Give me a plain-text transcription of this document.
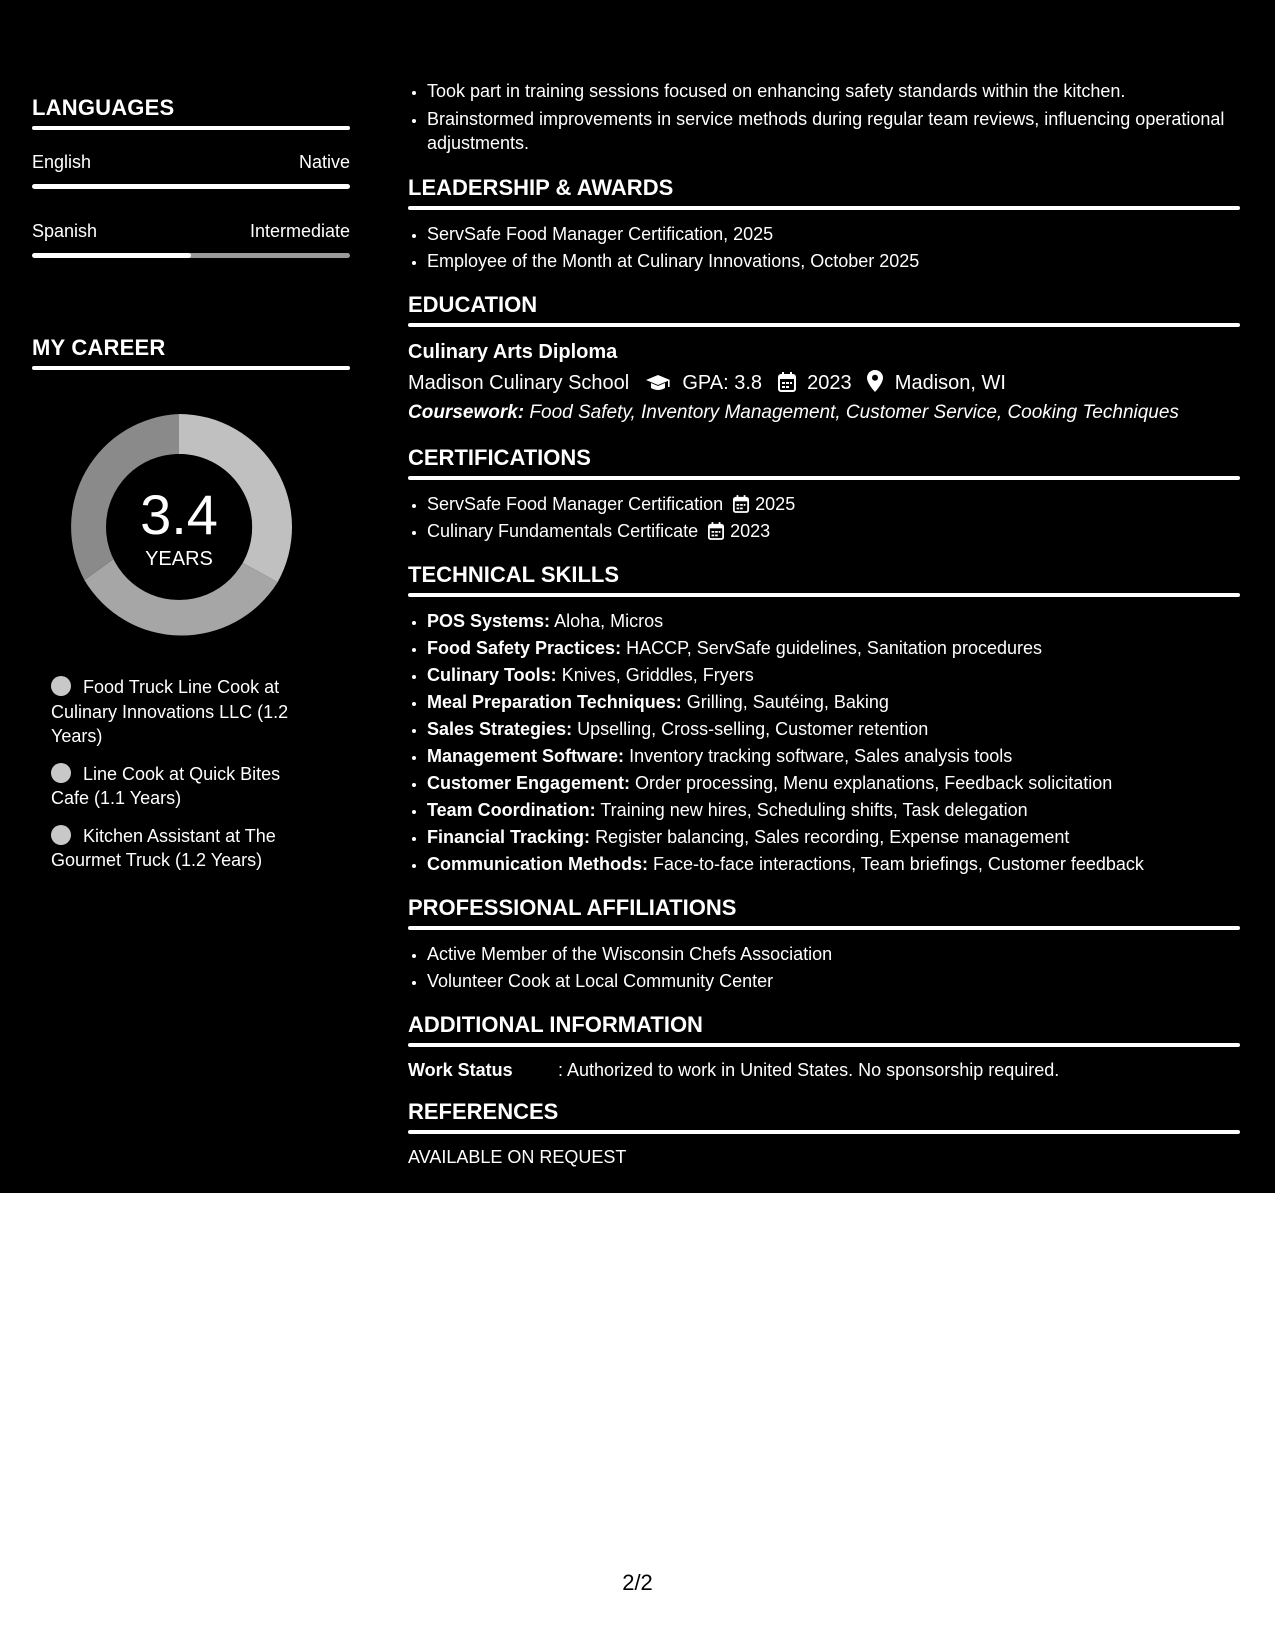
LANGUAGES
English	Native
Spanish	Intermediate
MY CAREER
3.4
YEARS
Food Truck Line Cook at Culinary Innovations LLC (1.2 Years)
Line Cook at Quick Bites Cafe (1.1 Years)
Kitchen Assistant at The Gourmet Truck (1.2 Years)
• Took part in training sessions focused on enhancing safety standards within the kitchen.
• Brainstormed improvements in service methods during regular team reviews, influencing operational adjustments.
LEADERSHIP & AWARDS
• ServSafe Food Manager Certification, 2025
• Employee of the Month at Culinary Innovations, October 2025
EDUCATION
Culinary Arts Diploma
Madison Culinary School	GPA: 3.8 2023 Madison, WI
Coursework: Food Safety, Inventory Management, Customer Service, Cooking Techniques
CERTIFICATIONS
• ServSafe Food Manager Certification 2025
• Culinary Fundamentals Certificate 2023
TECHNICAL SKILLS
• POS Systems: Aloha, Micros
• Food Safety Practices: HACCP, ServSafe guidelines, Sanitation procedures
• Culinary Tools: Knives, Griddles, Fryers
• Meal Preparation Techniques: Grilling, Sautéing, Baking
• Sales Strategies: Upselling, Cross-selling, Customer retention
• Management Software: Inventory tracking software, Sales analysis tools
• Customer Engagement: Order processing, Menu explanations, Feedback solicitation
• Team Coordination: Training new hires, Scheduling shifts, Task delegation
• Financial Tracking: Register balancing, Sales recording, Expense management
• Communication Methods: Face-to-face interactions, Team briefings, Customer feedback
PROFESSIONAL AFFILIATIONS
• Active Member of the Wisconsin Chefs Association
• Volunteer Cook at Local Community Center
ADDITIONAL INFORMATION
Work Status	: Authorized to work in United States. No sponsorship required.
REFERENCES
AVAILABLE ON REQUEST
2/2
